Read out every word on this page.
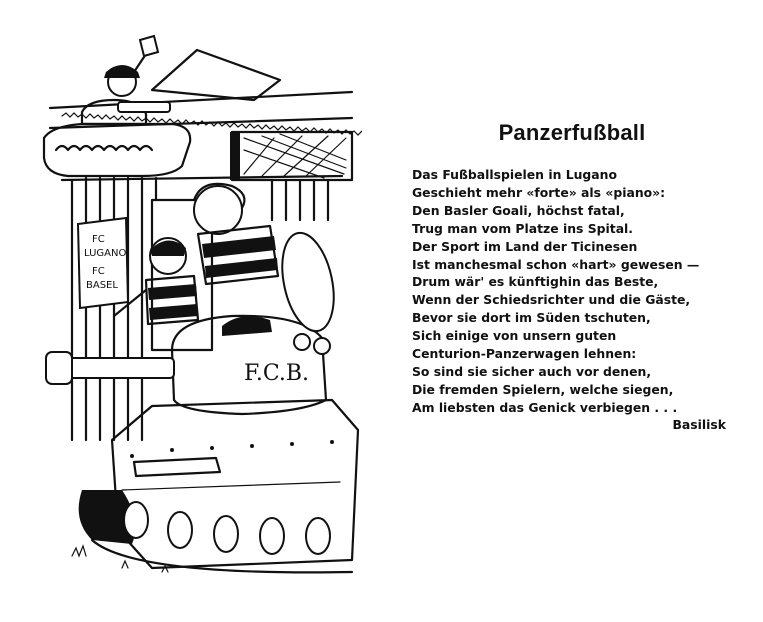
FC
LUGANO
FC
BASEL
F.C.B.
Panzerfußball
Das Fußballspielen in Lugano
Geschieht mehr «forte» als «piano»:
Den Basler Goali, höchst fatal,
Trug man vom Platze ins Spital.
Der Sport im Land der Ticinesen
Ist manchesmal schon «hart» gewesen —
Drum wär' es künftighin das Beste,
Wenn der Schiedsrichter und die Gäste,
Bevor sie dort im Süden tschuten,
Sich einige von unsern guten
Centurion-Panzerwagen lehnen:
So sind sie sicher auch vor denen,
Die fremden Spielern, welche siegen,
Am liebsten das Genick verbiegen . . .
Basilisk
